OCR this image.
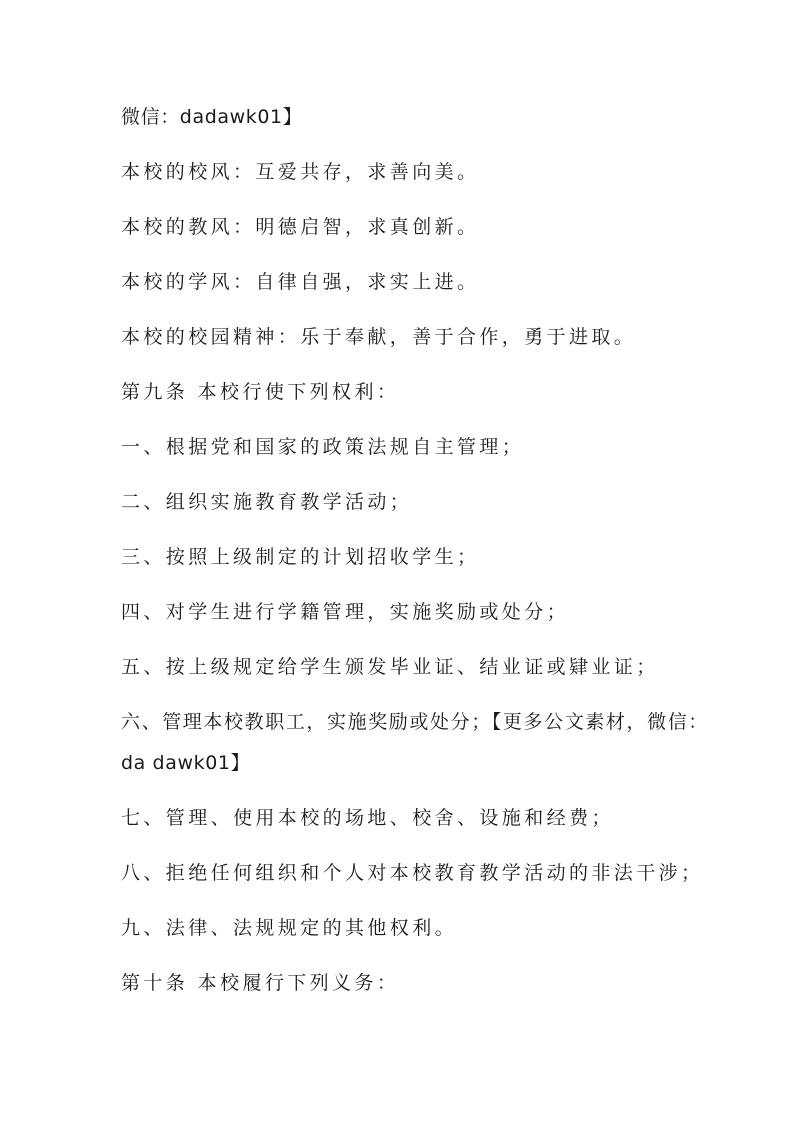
微信：dadawk01】

本校的校风：互爱共存，求善向美。

本校的教风：明德启智，求真创新。

本校的学风：自律自强，求实上进。

本校的校园精神：乐于奉献，善于合作，勇于进取。

第九条 本校行使下列权利：

一、根据党和国家的政策法规自主管理；

二、组织实施教育教学活动；

三、按照上级制定的计划招收学生；

四、对学生进行学籍管理，实施奖励或处分；

五、按上级规定给学生颁发毕业证、结业证或肄业证；

六、管理本校教职工，实施奖励或处分；【更多公文素材，微信：

da dawk01】

七、管理、使用本校的场地、校舍、设施和经费；

八、拒绝任何组织和个人对本校教育教学活动的非法干涉；

九、法律、法规规定的其他权利。

第十条 本校履行下列义务：
